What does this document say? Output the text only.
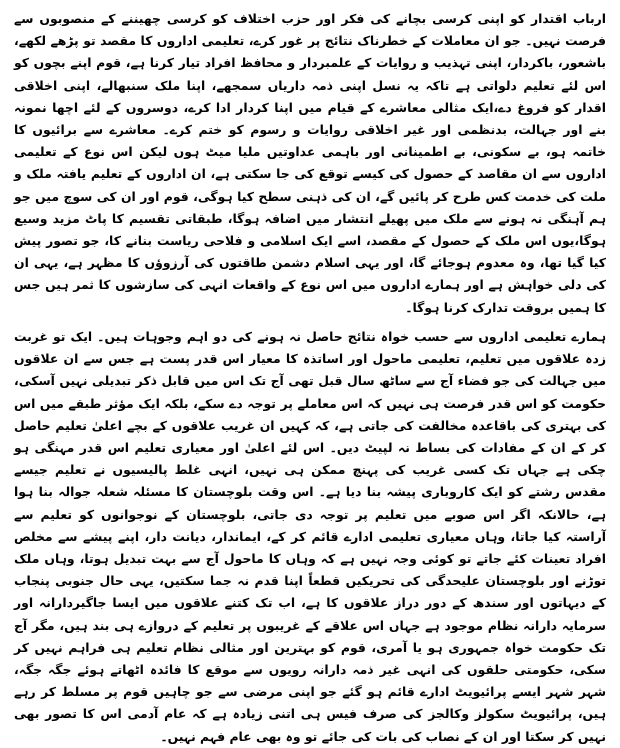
ارباب اقتدار کو اپنی کرسی بچانے کی فکر اور حزب اختلاف کو کرسی چھیننے کے منصوبوں سے فرصت نہیں۔ جو ان معاملات کے خطرناک نتائج پر غور کرے، تعلیمی اداروں کا مقصد تو پڑھے لکھے، باشعور، باکردار، اپنی تہذیب و روایات کے علمبردار و محافظ افراد تیار کرنا ہے، قوم اپنے بچوں کو اس لئے تعلیم دلواتی ہے تاکہ یہ نسل اپنی ذمہ داریاں سمجھے، اپنا ملک سنبھالے، اپنی اخلاقی اقدار کو فروغ دے،ایک مثالی معاشرے کے قیام میں اپنا کردار ادا کرے، دوسروں کے لئے اچھا نمونہ بنے اور جہالت، بدنظمی اور غیر اخلاقی روایات و رسوم کو ختم کرے۔ معاشرے سے برائیوں کا خاتمہ ہو، بے سکونی، بے اطمینانی اور باہمی عداوتیں ملیا میٹ ہوں لیکن اس نوع کے تعلیمی اداروں سے ان مقاصد کے حصول کی کیسے توقع کی جا سکتی ہے، ان اداروں کے تعلیم یافتہ ملک و ملت کی خدمت کس طرح کر پائیں گے، ان کی ذہنی سطح کیا ہوگی، قوم اور ان کی سوچ میں جو ہم آہنگی نہ ہونے سے ملک میں پھیلے انتشار میں اضافہ ہوگا، طبقاتی تقسیم کا پاٹ مزید وسیع ہوگا،یوں اس ملک کے حصول کے مقصد، اسے ایک اسلامی و فلاحی ریاست بنانے کا، جو تصور پیش کیا گیا تھا، وہ معدوم ہوجائے گا، اور یہی اسلام دشمن طاقتوں کی آرزوؤں کا مظہر ہے، یہی ان کی دلی خواہش ہے اور ہمارے اداروں میں اس نوع کے واقعات انہی کی سازشوں کا ثمر ہیں جس کا ہمیں بروقت تدارک کرنا ہوگا۔

ہمارے تعلیمی اداروں سے حسب خواہ نتائج حاصل نہ ہونے کی دو اہم وجوہات ہیں۔ ایک تو غربت زدہ علاقوں میں تعلیم، تعلیمی ماحول اور اساتذہ کا معیار اس قدر پست ہے جس سے ان علاقوں میں جہالت کی جو فضاء آج سے ساٹھ سال قبل تھی آج تک اس میں قابل ذکر تبدیلی نہیں آسکی، حکومت کو اس قدر فرصت ہی نہیں کہ اس معاملے پر توجہ دے سکے، بلکہ ایک مؤثر طبقے میں اس کی بہتری کی باقاعدہ مخالفت کی جاتی ہے، کہ کہیں ان غریب علاقوں کے بچے اعلیٰ تعلیم حاصل کر کے ان کے مفادات کی بساط نہ لپیٹ دیں۔ اس لئے اعلیٰ اور معیاری تعلیم اس قدر مہنگی ہو چکی ہے جہاں تک کسی غریب کی پہنچ ممکن ہی نہیں، انہی غلط پالیسیوں نے تعلیم جیسے مقدس رشتے کو ایک کاروباری پیشہ بنا دیا ہے۔ اس وقت بلوچستان کا مسئلہ شعلہ جوالہ بنا ہوا ہے، حالانکہ اگر اس صوبے میں تعلیم پر توجہ دی جاتی، بلوچستان کے نوجوانوں کو تعلیم سے آراستہ کیا جاتا، وہاں معیاری تعلیمی ادارے قائم کر کے، ایماندار، دیانت دار، اپنے پیشے سے مخلص افراد تعینات کئے جاتے تو کوئی وجہ نہیں ہے کہ وہاں کا ماحول آج سے بہت تبدیل ہوتا، وہاں ملک توڑنے اور بلوچستان علیحدگی کی تحریکیں قطعاً اپنا قدم نہ جما سکتیں، یہی حال جنوبی پنجاب کے دیہاتوں اور سندھ کے دور دراز علاقوں کا ہے، اب تک کتنے علاقوں میں ایسا جاگیردارانہ اور سرمایہ دارانہ نظام موجود ہے جہاں اس علاقے کے غریبوں پر تعلیم کے دروازے ہی بند ہیں، مگر آج تک حکومت خواہ جمہوری ہو یا آمری، قوم کو بہترین اور مثالی نظام تعلیم ہی فراہم نہیں کر سکی، حکومتی حلقوں کی انہی غیر ذمہ دارانہ رویوں سے موقع کا فائدہ اٹھاتے ہوئے جگہ جگہ، شہر شہر ایسے پرائیویٹ ادارے قائم ہو گئے جو اپنی مرضی سے جو چاہیں قوم پر مسلط کر رہے ہیں، پرائیویٹ سکولز وکالجز کی صرف فیس ہی اتنی زیادہ ہے کہ عام آدمی اس کا تصور بھی نہیں کر سکتا اور ان کے نصاب کی بات کی جائے تو وہ بھی عام فہم نہیں۔
